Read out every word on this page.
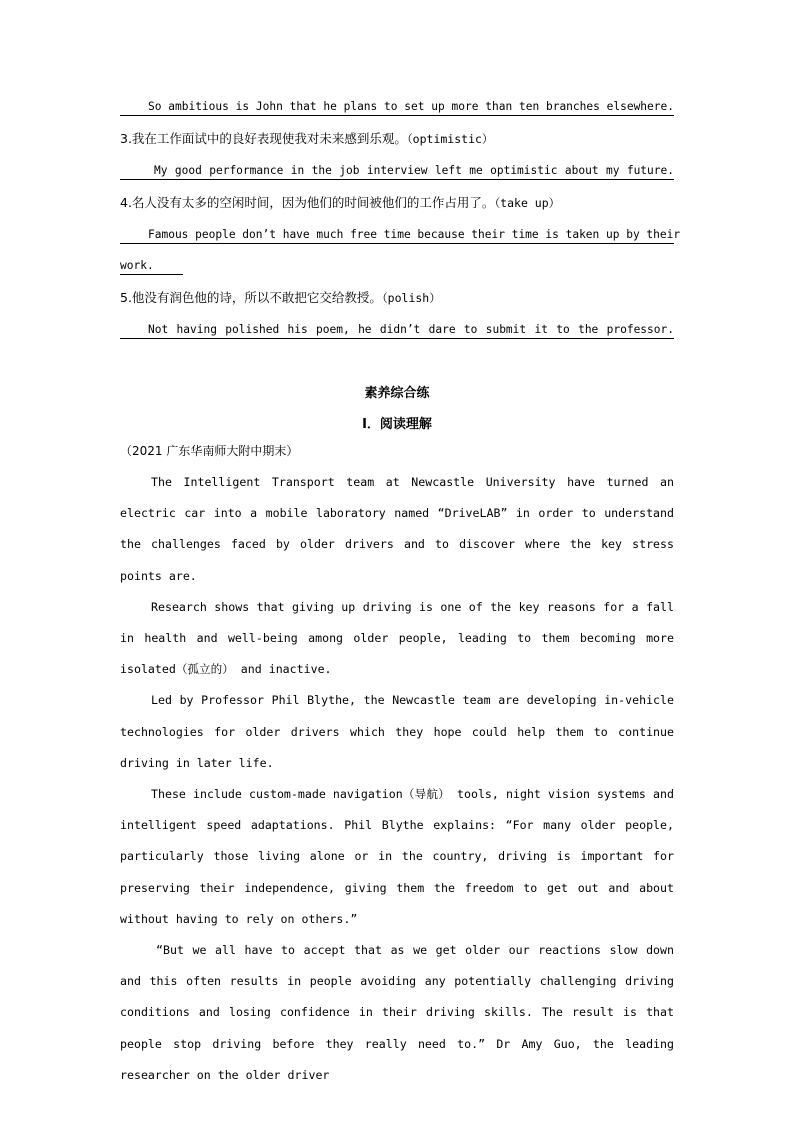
So ambitious is John that he plans to set up more than ten branches elsewhere.
3.我在工作面试中的良好表现使我对未来感到乐观。（optimistic）
My good performance in the job interview left me optimistic about my future.
4.名人没有太多的空闲时间，因为他们的时间被他们的工作占用了。（take up）
Famous people don’t have much free time because their time is taken up by their
work.
5.他没有润色他的诗，所以不敢把它交给教授。（polish）
Not having polished his poem, he didn’t dare to submit it to the professor.
素养综合练
I．阅读理解
（2021 广东华南师大附中期末）

The Intelligent Transport team at Newcastle University have turned an electric car into a mobile laboratory named “DriveLAB” in order to understand the challenges faced by older drivers and to discover where the key stress points are.

Research shows that giving up driving is one of the key reasons for a fall in health and well-being among older people, leading to them becoming more isolated（孤立的） and inactive.

Led by Professor Phil Blythe, the Newcastle team are developing in-vehicle technologies for older drivers which they hope could help them to continue driving in later life.

These include custom-made navigation（导航） tools, night vision systems and intelligent speed adaptations. Phil Blythe explains: “For many older people, particularly those living alone or in the country, driving is important for preserving their independence, giving them the freedom to get out and about without having to rely on others.”

“But we all have to accept that as we get older our reactions slow down and this often results in people avoiding any potentially challenging driving conditions and losing confidence in their driving skills. The result is that people stop driving before they really need to.” Dr Amy Guo, the leading researcher on the older driver
